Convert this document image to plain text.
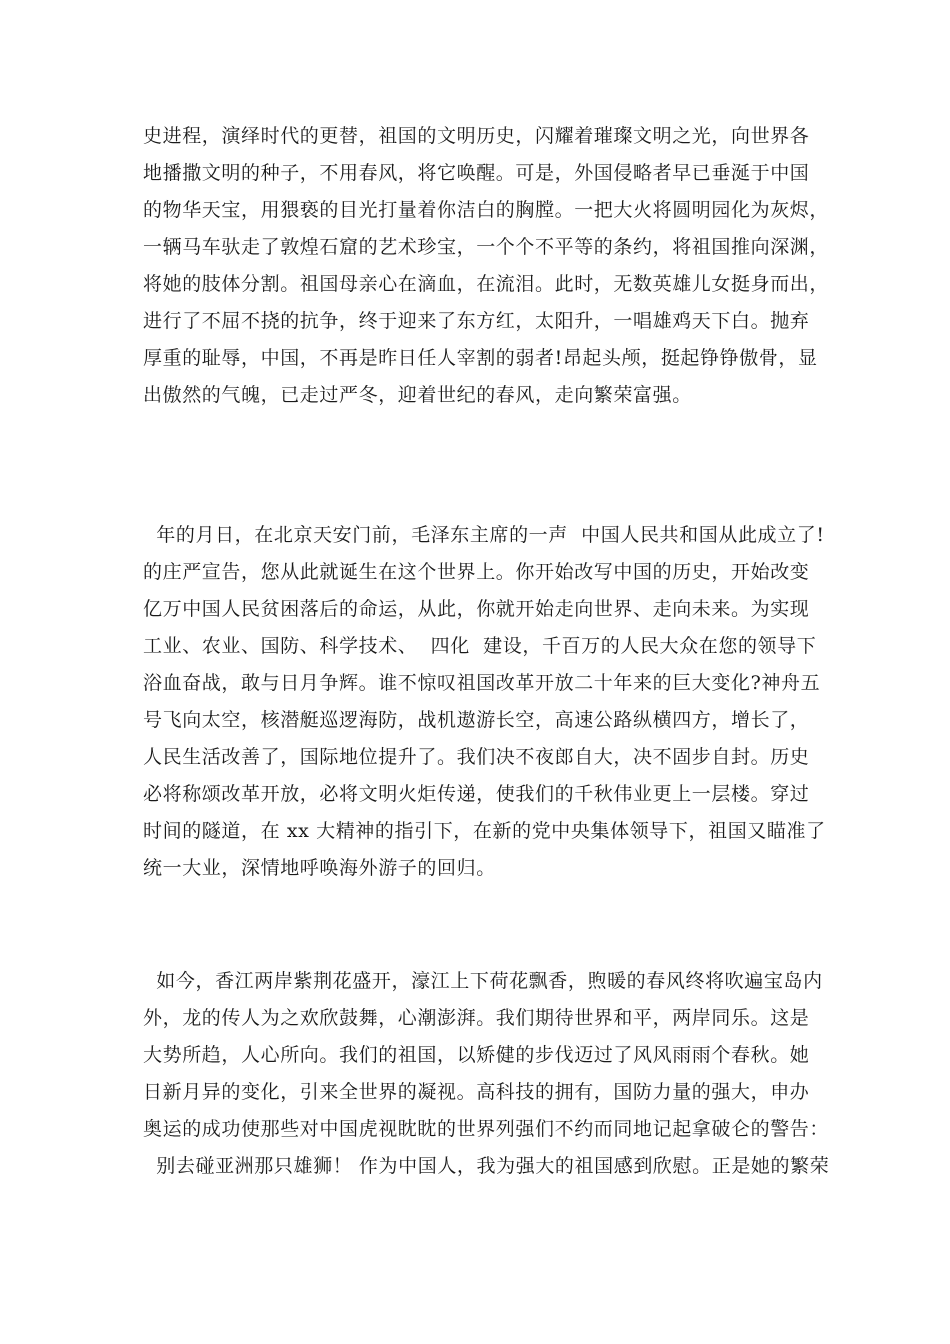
史进程，演绎时代的更替，祖国的文明历史，闪耀着璀璨文明之光，向世界各
地播撒文明的种子，不用春风，将它唤醒。可是，外国侵略者早已垂涎于中国
的物华天宝，用猥亵的目光打量着你洁白的胸膛。一把大火将圆明园化为灰烬，
一辆马车驮走了敦煌石窟的艺术珍宝，一个个不平等的条约，将祖国推向深渊，
将她的肢体分割。祖国母亲心在滴血，在流泪。此时，无数英雄儿女挺身而出，
进行了不屈不挠的抗争，终于迎来了东方红，太阳升，一唱雄鸡天下白。抛弃
厚重的耻辱，中国，不再是昨日任人宰割的弱者!昂起头颅，挺起铮铮傲骨，显
出傲然的气魄，已走过严冬，迎着世纪的春风，走向繁荣富强。
年的月日，在北京天安门前，毛泽东主席的一声  中国人民共和国从此成立了!
的庄严宣告，您从此就诞生在这个世界上。你开始改写中国的历史，开始改变
亿万中国人民贫困落后的命运，从此，你就开始走向世界、走向未来。为实现
工业、农业、国防、科学技术、  四化  建设，千百万的人民大众在您的领导下
浴血奋战，敢与日月争辉。谁不惊叹祖国改革开放二十年来的巨大变化?神舟五
号飞向太空，核潜艇巡逻海防，战机遨游长空，高速公路纵横四方，增长了，
人民生活改善了，国际地位提升了。我们决不夜郎自大，决不固步自封。历史
必将称颂改革开放，必将文明火炬传递，使我们的千秋伟业更上一层楼。穿过
时间的隧道，在 xx 大精神的指引下，在新的党中央集体领导下，祖国又瞄准了
统一大业，深情地呼唤海外游子的回归。
如今，香江两岸紫荆花盛开，濠江上下荷花飘香，煦暖的春风终将吹遍宝岛内
外，龙的传人为之欢欣鼓舞，心潮澎湃。我们期待世界和平，两岸同乐。这是
大势所趋，人心所向。我们的祖国，以矫健的步伐迈过了风风雨雨个春秋。她
日新月异的变化，引来全世界的凝视。高科技的拥有，国防力量的强大，申办
奥运的成功使那些对中国虎视眈眈的世界列强们不约而同地记起拿破仑的警告：
别去碰亚洲那只雄狮！ 作为中国人，我为强大的祖国感到欣慰。正是她的繁荣
